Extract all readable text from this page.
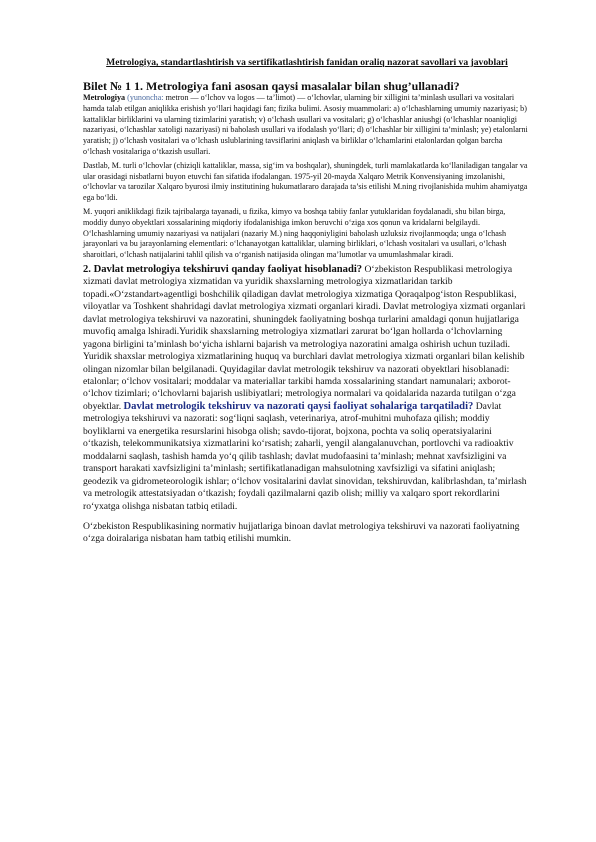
Metrologiya, standartlashtirish va sertifikatlashtirish fanidan oraliq nazorat savollari va javoblari
Bilet № 1 1. Metrologiya fani asosan qaysi masalalar bilan shug’ullanadi?

Metrologiya (yunoncha: metron — o‘lchov va logos — ta’limot) — o‘lchovlar, ularning bir xilligini ta’minlash usullari va vositalari hamda talab etilgan aniqlikka erishish yo‘llari haqidagi fan; fizika bulimi. Asosiy muammolari: a) o‘lchashlarning umumiy nazariyasi; b) kattaliklar birliklarini va ularning tizimlarini yaratish; v) o‘lchash usullari va vositalari; g) o‘lchashlar aniushgi (o‘lchashlar noaniqligi nazariyasi, o‘lchashlar xatoligi nazariyasi) ni baholash usullari va ifodalash yo‘llari; d) o‘lchashlar bir xilligini ta’minlash; ye) etalonlarni yaratish; j) o‘lchash vositalari va o‘lchash uslublarining tavsiflarini aniqlash va birliklar o‘lchamlarini etalonlardan qolgan barcha o‘lchash vositalariga o‘tkazish usullari.

Dastlab, M. turli o‘lchovlar (chiziqli kattaliklar, massa, sig‘im va boshqalar), shuningdek, turli mamlakatlarda ko‘llaniladigan tangalar va ular orasidagi nisbatlarni buyon etuvchi fan sifatida ifodalangan. 1975-yil 20-mayda Xalqaro Metrik Konvensiyaning imzolanishi, o‘lchovlar va tarozilar Xalqaro byurosi ilmiy institutining hukumatlararo darajada ta’sis etilishi M.ning rivojlanishida muhim ahamiyatga ega bo‘ldi.

M. yuqori aniklikdagi fizik tajribalarga tayanadi, u fizika, kimyo va boshqa tabiiy fanlar yutuklaridan foydalanadi, shu bilan birga, moddiy dunyo obyektlari xossalarining miqdoriy ifodalanishiga imkon beruvchi o‘ziga xos qonun va kridalarni belgilaydi. O‘lchashlarning umumiy nazariyasi va natijalari (nazariy M.) ning haqqoniyligini baholash uzluksiz rivojlanmoqda; unga o‘lchash jarayonlari va bu jarayonlarning elementlari: o‘lchanayotgan kattaliklar, ularning birliklari, o‘lchash vositalari va usullari, o‘lchash sharoitlari, o‘lchash natijalarini tahlil qilish va o‘rganish natijasida olingan ma’lumotlar va umumlashmalar kiradi.

2. Davlat metrologiya tekshiruvi qanday faoliyat hisoblanadi? O‘zbekiston Respublikasi metrologiya xizmati davlat metrologiya xizmatidan va yuridik shaxslarning metrologiya xizmatlaridan tarkib topadi.«O‘zstandart»agentligi boshchilik qiladigan davlat metrologiya xizmatiga Qoraqalpog‘iston Respublikasi, viloyatlar va Toshkent shahridagi davlat metrologiya xizmati organlari kiradi. Davlat metrologiya xizmati organlari davlat metrologiya tekshiruvi va nazoratini, shuningdek faoliyatning boshqa turlarini amaldagi qonun hujjatlariga muvofiq amalga lshiradi.Yuridik shaxslarning metrologiya xizmatlari zarurat bo‘lgan hollarda o‘lchovlarning yagona birligini ta’minlash bo‘yicha ishlarni bajarish va metrologiya nazoratini amalga oshirish uchun tuziladi. Yuridik shaxslar metrologiya xizmatlarining huquq va burchlari davlat metrologiya xizmati organlari bilan kelishib olingan nizomlar bilan belgilanadi. Quyidagilar davlat metrologik tekshiruv va nazorati obyektlari hisoblanadi: etalonlar; o‘lchov vositalari; moddalar va materiallar tarkibi hamda xossalarining standart namunalari; axborot-o‘lchov tizimlari; o‘lchovlarni bajarish uslibiyatlari; metrologiya normalari va qoidalarida nazarda tutilgan o‘zga obyektlar. Davlat metrologik tekshiruv va nazorati qaysi faoliyat sohalariga tarqatiladi? Davlat metrologiya tekshiruvi va nazorati: sog‘liqni saqlash, veterinariya, atrof-muhitni muhofaza qilish; moddiy boyliklarni va energetika resurslarini hisobga olish; savdo-tijorat, bojxona, pochta va soliq operatsiyalarini o‘tkazish, telekommunikatsiya xizmatlarini ko‘rsatish; zaharli, yengil alangalanuvchan, portlovchi va radioaktiv moddalarni saqlash, tashish hamda yo‘q qilib tashlash; davlat mudofaasini ta’minlash; mehnat xavfsizligini va transport harakati xavfsizligini ta’minlash; sertifikatlanadigan mahsulotning xavfsizligi va sifatini aniqlash; geodezik va gidrometeorologik ishlar; o‘lchov vositalarini davlat sinovidan, tekshiruvdan, kalibrlashdan, ta’mirlash va metrologik attestatsiyadan o‘tkazish; foydali qazilmalarni qazib olish; milliy va xalqaro sport rekordlarini ro‘yxatga olishga nisbatan tatbiq etiladi.

O‘zbekiston Respublikasining normativ hujjatlariga binoan davlat metrologiya tekshiruvi va nazorati faoliyatning o‘zga doiralariga nisbatan ham tatbiq etilishi mumkin.
